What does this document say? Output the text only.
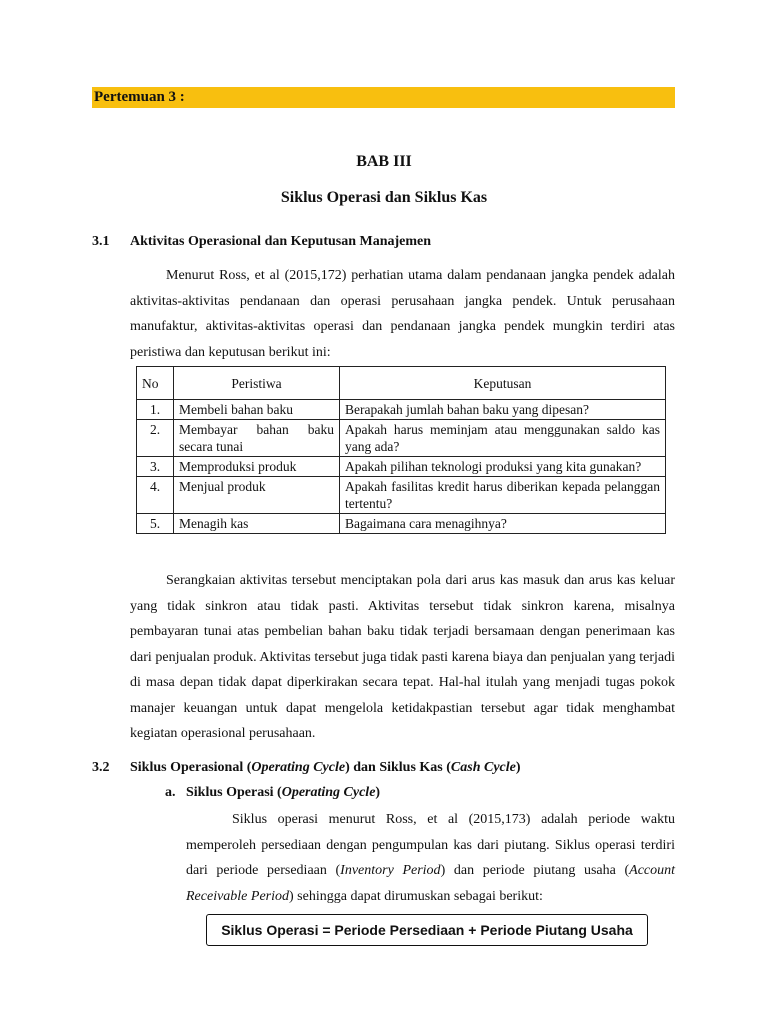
Pertemuan 3 :
BAB III
Siklus Operasi dan Siklus Kas
3.1 Aktivitas Operasional dan Keputusan Manajemen

Menurut Ross, et al (2015,172) perhatian utama dalam pendanaan jangka pendek adalah aktivitas-aktivitas pendanaan dan operasi perusahaan jangka pendek. Untuk perusahaan manufaktur, aktivitas-aktivitas operasi dan pendanaan jangka pendek mungkin terdiri atas peristiwa dan keputusan berikut ini:

No	Peristiwa	Keputusan
1.	Membeli bahan baku	Berapakah jumlah bahan baku yang dipesan?
2.	Membayar bahan baku secara tunai	Apakah harus meminjam atau menggunakan saldo kas yang ada?
3.	Memproduksi produk	Apakah pilihan teknologi produksi yang kita gunakan?
4.	Menjual produk	Apakah fasilitas kredit harus diberikan kepada pelanggan tertentu?
5.	Menagih kas	Bagaimana cara menagihnya?

Serangkaian aktivitas tersebut menciptakan pola dari arus kas masuk dan arus kas keluar yang tidak sinkron atau tidak pasti. Aktivitas tersebut tidak sinkron karena, misalnya pembayaran tunai atas pembelian bahan baku tidak terjadi bersamaan dengan penerimaan kas dari penjualan produk. Aktivitas tersebut juga tidak pasti karena biaya dan penjualan yang terjadi di masa depan tidak dapat diperkirakan secara tepat. Hal-hal itulah yang menjadi tugas pokok manajer keuangan untuk dapat mengelola ketidakpastian tersebut agar tidak menghambat kegiatan operasional perusahaan.

3.2 Siklus Operasional (Operating Cycle) dan Siklus Kas (Cash Cycle)
a. Siklus Operasi (Operating Cycle)

Siklus operasi menurut Ross, et al (2015,173) adalah periode waktu memperoleh persediaan dengan pengumpulan kas dari piutang. Siklus operasi terdiri dari periode persediaan (Inventory Period) dan periode piutang usaha (Account Receivable Period) sehingga dapat dirumuskan sebagai berikut:

Siklus Operasi = Periode Persediaan + Periode Piutang Usaha
